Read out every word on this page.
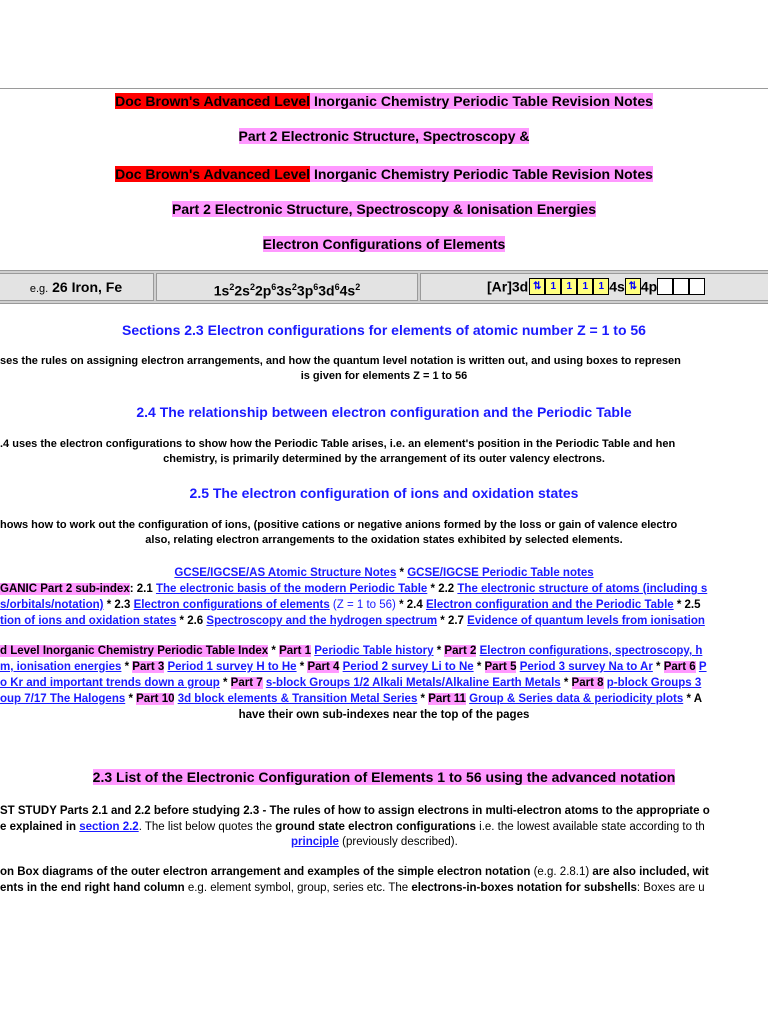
Doc Brown's Advanced Level Inorganic Chemistry Periodic Table Revision Notes
Part 2 Electronic Structure, Spectroscopy &
Doc Brown's Advanced Level Inorganic Chemistry Periodic Table Revision Notes
Part 2 Electronic Structure, Spectroscopy & Ionisation Energies
Electron Configurations of Elements
e.g. 26 Iron, Fe	$1s^22s^22p^63s^23p^63d^64s^2$	[Ar]3d ⇅ 1 1 1 1 4s ⇅ 4p
Sections 2.3 Electron configurations for elements of atomic number Z = 1 to 56
ses the rules on assigning electron arrangements, and how the quantum level notation is written out, and using boxes to represen
is given for elements Z = 1 to 56
2.4 The relationship between electron configuration and the Periodic Table
.4 uses the electron configurations to show how the Periodic Table arises, i.e. an element's position in the Periodic Table and hen
chemistry, is primarily determined by the arrangement of its outer valency electrons.
2.5 The electron configuration of ions and oxidation states
hows how to work out the configuration of ions, (positive cations or negative anions formed by the loss or gain of valence electro
also, relating electron arrangements to the oxidation states exhibited by selected elements.
GCSE/IGCSE/AS Atomic Structure Notes * GCSE/IGCSE Periodic Table notes
GANIC Part 2 sub-index: 2.1 The electronic basis of the modern Periodic Table * 2.2 The electronic structure of atoms (including s
s/orbitals/notation) * 2.3 Electron configurations of elements (Z = 1 to 56) * 2.4 Electron configuration and the Periodic Table * 2.5
tion of ions and oxidation states * 2.6 Spectroscopy and the hydrogen spectrum * 2.7 Evidence of quantum levels from ionisation
d Level Inorganic Chemistry Periodic Table Index * Part 1 Periodic Table history * Part 2 Electron configurations, spectroscopy, h
m, ionisation energies * Part 3 Period 1 survey H to He * Part 4 Period 2 survey Li to Ne * Part 5 Period 3 survey Na to Ar * Part 6 P
o Kr and important trends down a group * Part 7 s-block Groups 1/2 Alkali Metals/Alkaline Earth Metals * Part 8 p-block Groups 3
oup 7/17 The Halogens * Part 10 3d block elements & Transition Metal Series * Part 11 Group & Series data & periodicity plots * A
have their own sub-indexes near the top of the pages
2.3 List of the Electronic Configuration of Elements 1 to 56 using the advanced notation
ST STUDY Parts 2.1 and 2.2 before studying 2.3 - The rules of how to assign electrons in multi-electron atoms to the appropriate o
e explained in section 2.2. The list below quotes the ground state electron configurations i.e. the lowest available state according to th
principle (previously described).
on Box diagrams of the outer electron arrangement and examples of the simple electron notation (e.g. 2.8.1) are also included, wit
ents in the end right hand column e.g. element symbol, group, series etc. The electrons-in-boxes notation for subshells: Boxes are u
